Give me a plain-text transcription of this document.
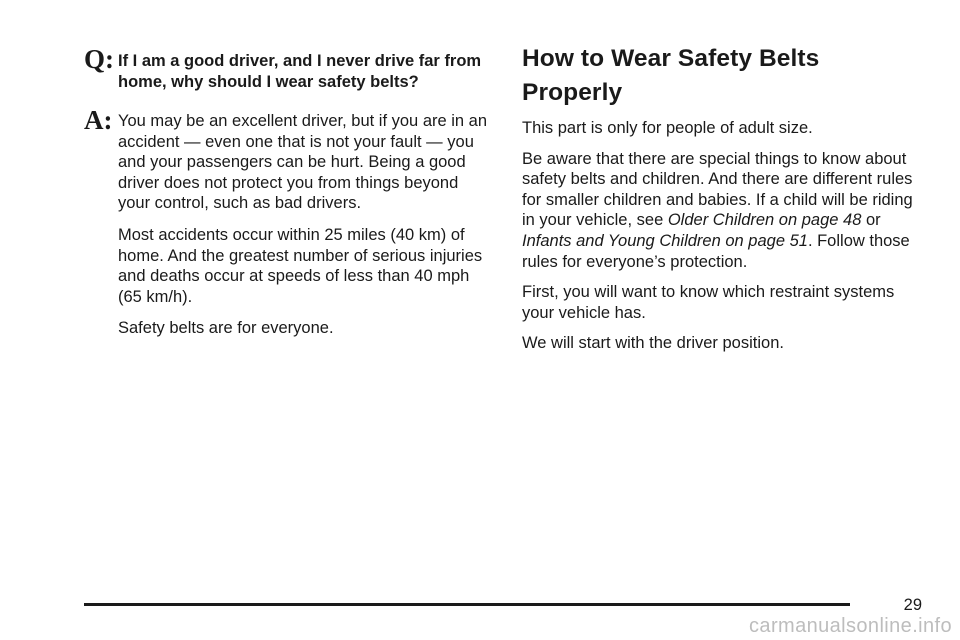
Q: If I am a good driver, and I never drive far from home, why should I wear safety belts?
A: You may be an excellent driver, but if you are in an accident — even one that is not your fault — you and your passengers can be hurt. Being a good driver does not protect you from things beyond your control, such as bad drivers.

Most accidents occur within 25 miles (40 km) of home. And the greatest number of serious injuries and deaths occur at speeds of less than 40 mph (65 km/h).

Safety belts are for everyone.

How to Wear Safety Belts Properly

This part is only for people of adult size.

Be aware that there are special things to know about safety belts and children. And there are different rules for smaller children and babies. If a child will be riding in your vehicle, see Older Children on page 48 or Infants and Young Children on page 51. Follow those rules for everyone’s protection.

First, you will want to know which restraint systems your vehicle has.

We will start with the driver position.

29
carmanualsonline.info
